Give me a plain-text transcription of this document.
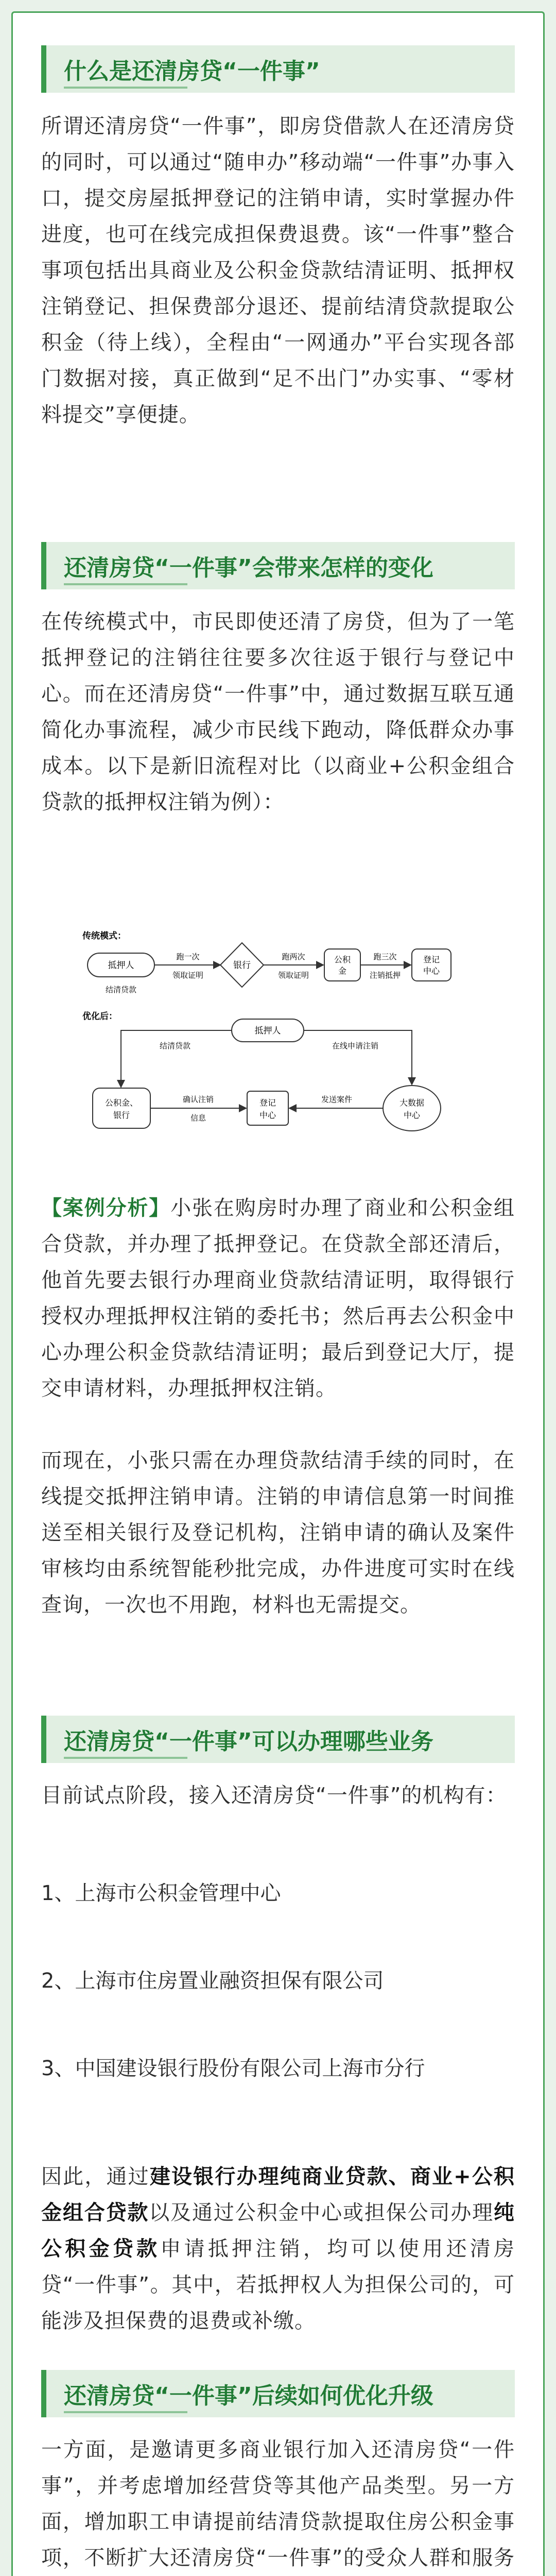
什么是还清房贷“一件事”
所谓还清房贷“一件事”，即房贷借款人在还清房贷的同时，可以通过“随申办”移动端“一件事”办事入口，提交房屋抵押登记的注销申请，实时掌握办件进度，也可在线完成担保费退费。该“一件事”整合事项包括出具商业及公积金贷款结清证明、抵押权注销登记、担保费部分退还、提前结清贷款提取公积金（待上线），全程由“一网通办”平台实现各部门数据对接，真正做到“足不出门”办实事、“零材料提交”享便捷。
还清房贷“一件事”会带来怎样的变化
在传统模式中，市民即使还清了房贷，但为了一笔抵押登记的注销往往要多次往返于银行与登记中心。而在还清房贷“一件事”中，通过数据互联互通简化办事流程，减少市民线下跑动，降低群众办事成本。以下是新旧流程对比（以商业+公积金组合贷款的抵押权注销为例）：
传统模式：
抵押人
结清贷款
跑一次
领取证明
银行
跑两次
领取证明
公积
金
跑三次
注销抵押
登记
中心
优化后：
抵押人
结清贷款	在线申请注销
公积金、
银行
确认注销
信息
登记
中心
发送案件	大数据
中心
【案例分析】小张在购房时办理了商业和公积金组合贷款，并办理了抵押登记。在贷款全部还清后，他首先要去银行办理商业贷款结清证明，取得银行授权办理抵押权注销的委托书；然后再去公积金中心办理公积金贷款结清证明；最后到登记大厅，提交申请材料，办理抵押权注销。
而现在，小张只需在办理贷款结清手续的同时，在线提交抵押注销申请。注销的申请信息第一时间推送至相关银行及登记机构，注销申请的确认及案件审核均由系统智能秒批完成，办件进度可实时在线查询，一次也不用跑，材料也无需提交。
还清房贷“一件事”可以办理哪些业务
目前试点阶段，接入还清房贷“一件事”的机构有：
1、上海市公积金管理中心
2、上海市住房置业融资担保有限公司
3、中国建设银行股份有限公司上海市分行
因此，通过建设银行办理纯商业贷款、商业+公积金组合贷款以及通过公积金中心或担保公司办理纯公积金贷款申请抵押注销，均可以使用还清房贷“一件事”。其中，若抵押权人为担保公司的，可能涉及担保费的退费或补缴。
还清房贷“一件事”后续如何优化升级
一方面，是邀请更多商业银行加入还清房贷“一件事”，并考虑增加经营贷等其他产品类型。另一方面，增加职工申请提前结清贷款提取住房公积金事项，不断扩大还清房贷“一件事”的受众人群和服务
